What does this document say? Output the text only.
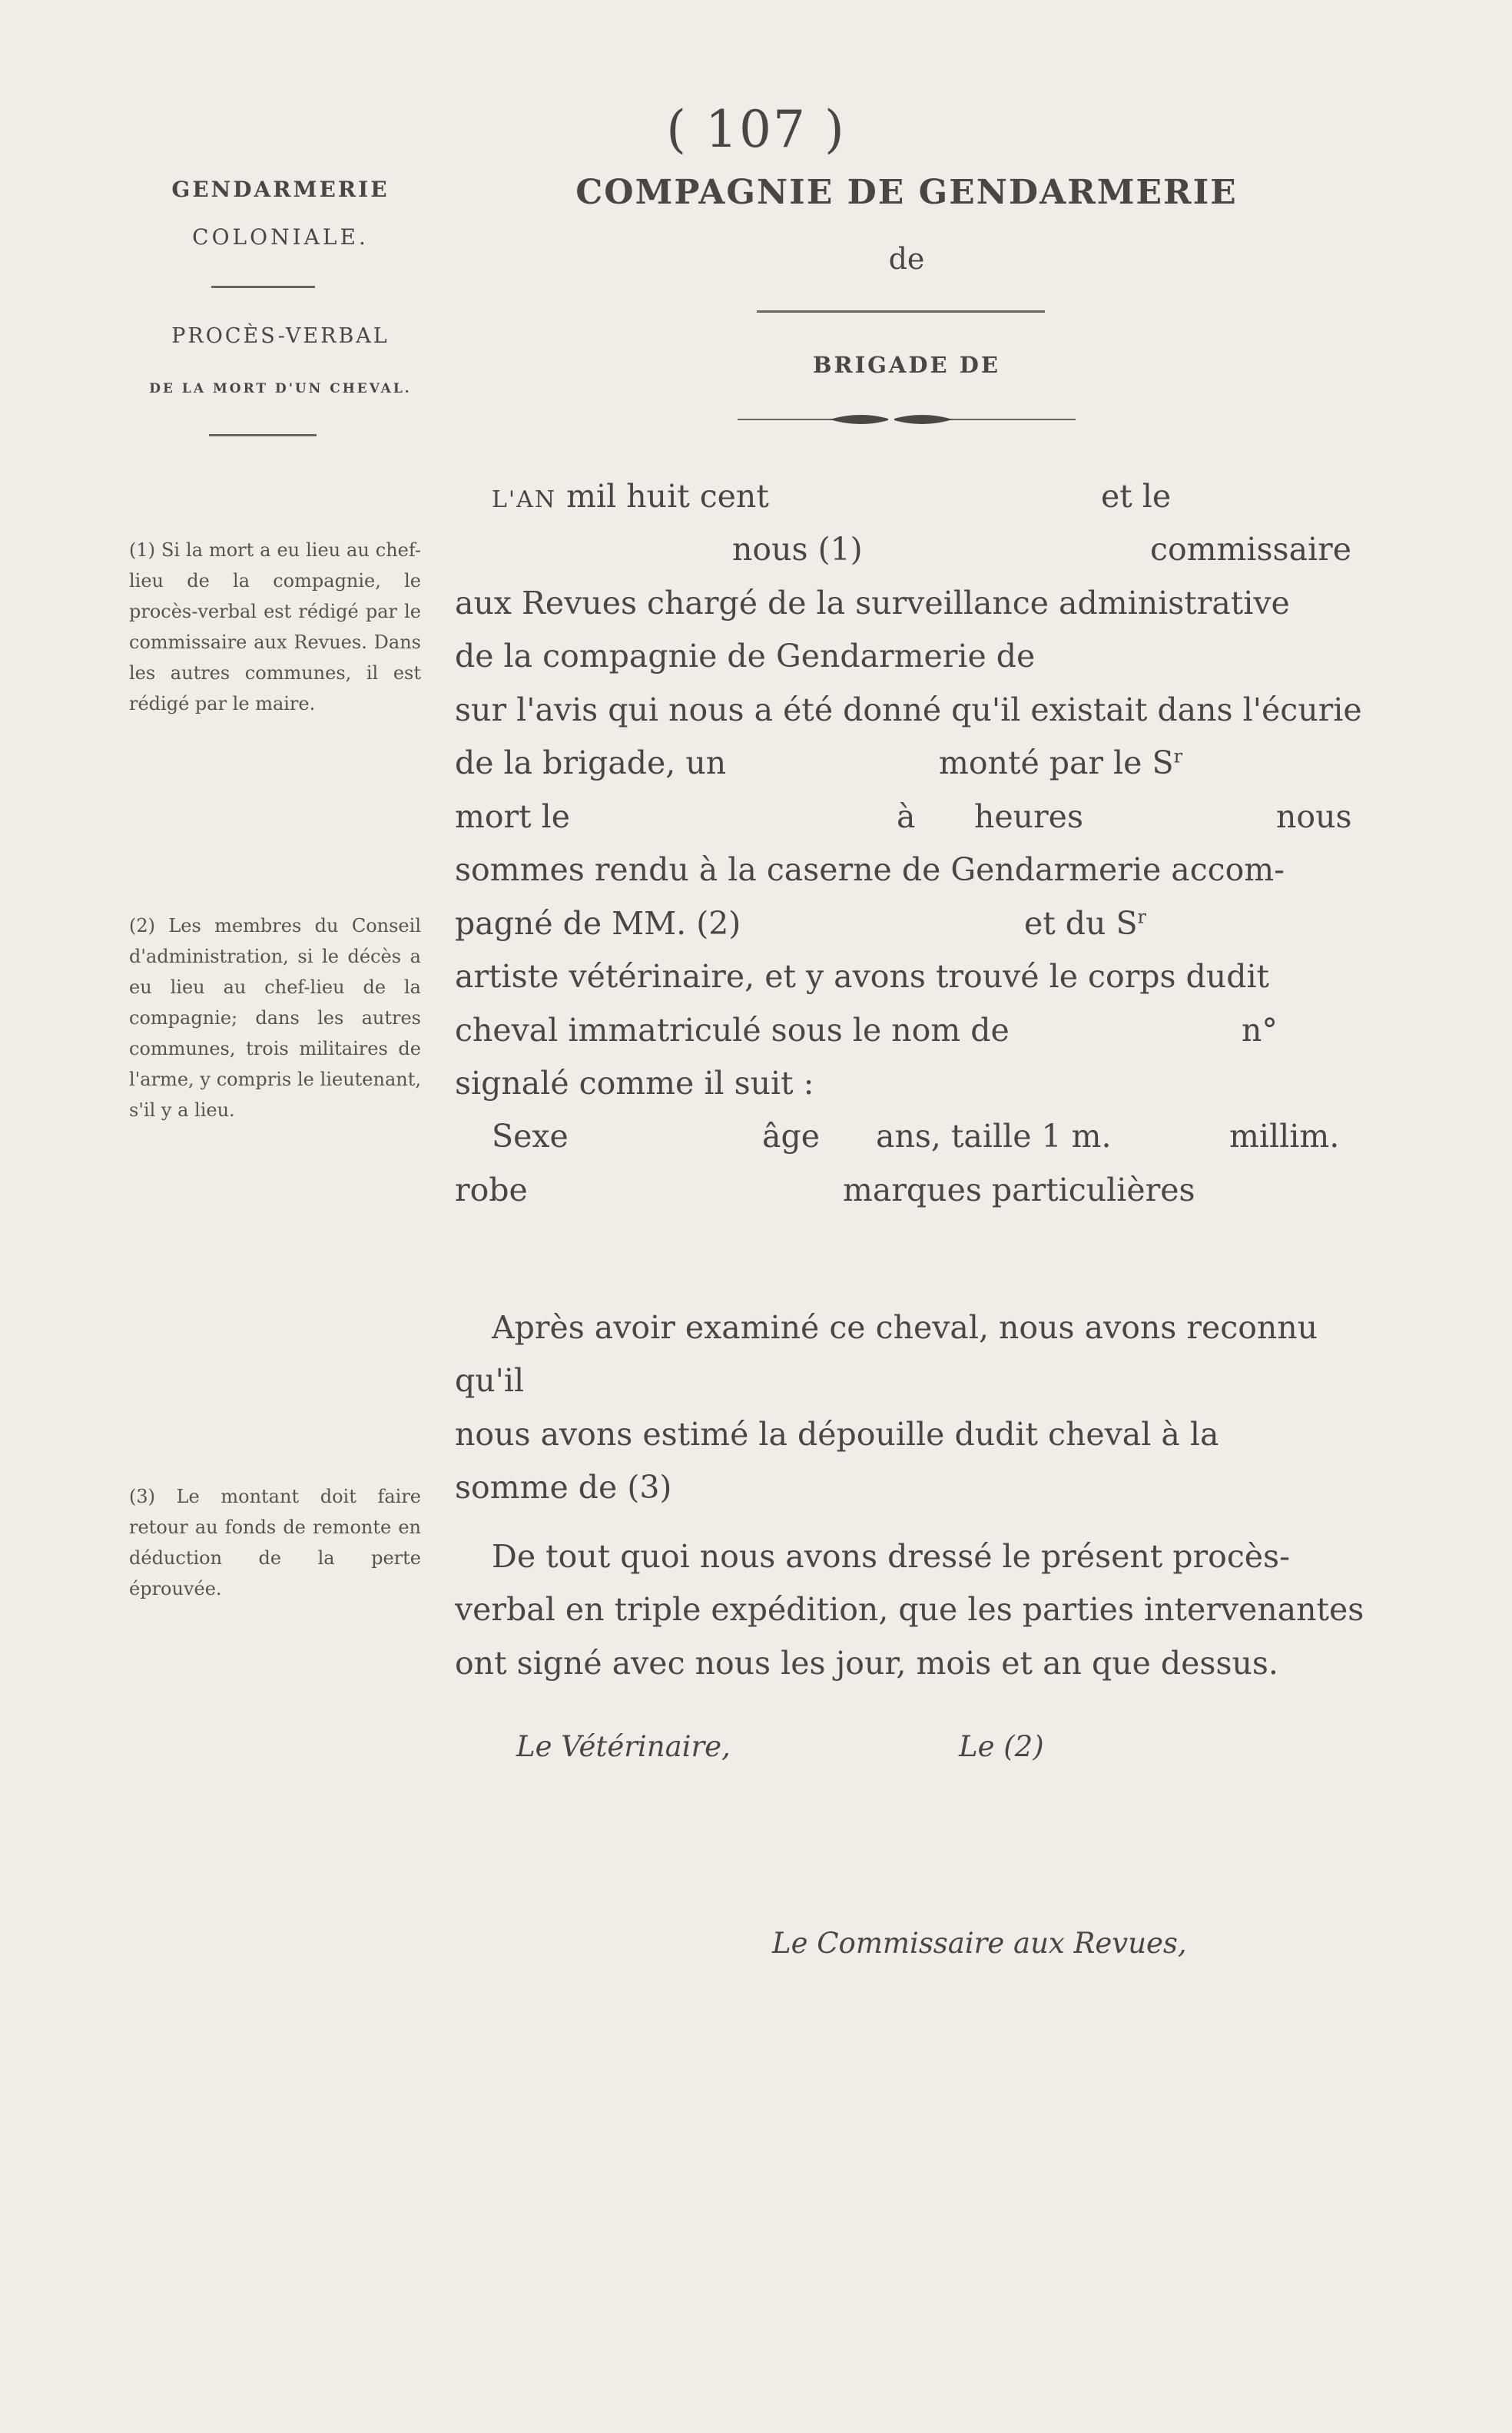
( 107 )
GENDARMERIE
COLONIALE.
PROCÈS-VERBAL
DE LA MORT D'UN CHEVAL.
COMPAGNIE DE GENDARMERIE
de
BRIGADE DE
(1) Si la mort a eu lieu au chef-lieu de la compagnie, le procès-verbal est rédigé par le commissaire aux Revues. Dans les autres communes, il est rédigé par le maire.
(2) Les membres du Conseil d'administration, si le décès a eu lieu au chef-lieu de la compagnie; dans les autres communes, trois militaires de l'arme, y compris le lieutenant, s'il y a lieu.
(3) Le montant doit faire retour au fonds de remonte en déduction de la perte éprouvée.
L'AN mil huit cent	et le
nous (1)	commissaire
aux Revues chargé de la surveillance administrative
de la compagnie de Gendarmerie de
sur l'avis qui nous a été donné qu'il existait dans l'écurie
de la brigade, un	monté par le $S^r$
mort le	à heures	nous
sommes rendu à la caserne de Gendarmerie accom-
pagné de MM. (2)	et du $S^r$
artiste vétérinaire, et y avons trouvé le corps dudit
cheval immatriculé sous le nom de	n°
signalé comme il suit :
Sexe	âge ans, taille 1 m.	millim.
robe	marques particulières
Après avoir examiné ce cheval, nous avons reconnu
qu'il
nous avons estimé la dépouille dudit cheval à la
somme de (3)
De tout quoi nous avons dressé le présent procès-
verbal en triple expédition, que les parties intervenantes
ont signé avec nous les jour, mois et an que dessus.
Le Vétérinaire,	Le (2)
Le Commissaire aux Revues,
